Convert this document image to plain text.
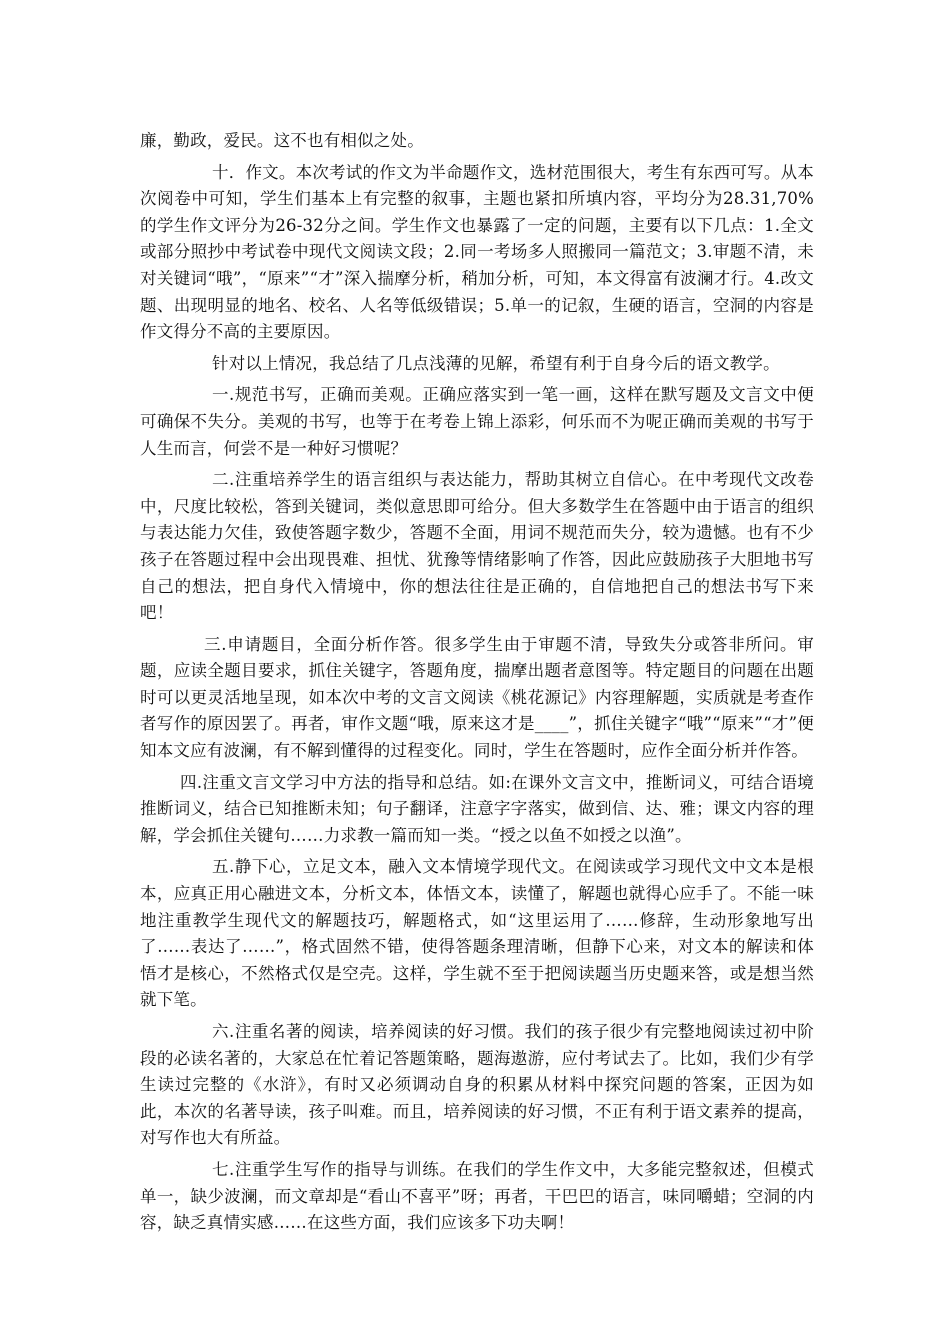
廉，勤政，爱民。这不也有相似之处。

十．作文。本次考试的作文为半命题作文，选材范围很大，考生有东西可写。从本次阅卷中可知，学生们基本上有完整的叙事，主题也紧扣所填内容，平均分为28.31,70%的学生作文评分为26-32分之间。学生作文也暴露了一定的问题，主要有以下几点：1.全文或部分照抄中考试卷中现代文阅读文段；2.同一考场多人照搬同一篇范文；3.审题不清，未对关键词“哦”，“原来”“才”深入揣摩分析，稍加分析，可知，本文得富有波澜才行。4.改文题、出现明显的地名、校名、人名等低级错误；5.单一的记叙，生硬的语言，空洞的内容是作文得分不高的主要原因。

针对以上情况，我总结了几点浅薄的见解，希望有利于自身今后的语文教学。

一.规范书写，正确而美观。正确应落实到一笔一画，这样在默写题及文言文中便可确保不失分。美观的书写，也等于在考卷上锦上添彩，何乐而不为呢正确而美观的书写于人生而言，何尝不是一种好习惯呢？

二.注重培养学生的语言组织与表达能力，帮助其树立自信心。在中考现代文改卷中，尺度比较松，答到关键词，类似意思即可给分。但大多数学生在答题中由于语言的组织与表达能力欠佳，致使答题字数少，答题不全面，用词不规范而失分，较为遗憾。也有不少孩子在答题过程中会出现畏难、担忧、犹豫等情绪影响了作答，因此应鼓励孩子大胆地书写自己的想法，把自身代入情境中，你的想法往往是正确的，自信地把自己的想法书写下来吧！

三.申请题目，全面分析作答。很多学生由于审题不清，导致失分或答非所问。审题，应读全题目要求，抓住关键字，答题角度，揣摩出题者意图等。特定题目的问题在出题时可以更灵活地呈现，如本次中考的文言文阅读《桃花源记》内容理解题，实质就是考查作者写作的原因罢了。再者，审作文题“哦，原来这才是____”，抓住关键字“哦”“原来”“才”便知本文应有波澜，有不解到懂得的过程变化。同时，学生在答题时，应作全面分析并作答。

四.注重文言文学习中方法的指导和总结。如:在课外文言文中，推断词义，可结合语境推断词义，结合已知推断未知；句子翻译，注意字字落实，做到信、达、雅；课文内容的理解，学会抓住关键句……力求教一篇而知一类。“授之以鱼不如授之以渔”。

五.静下心，立足文本，融入文本情境学现代文。在阅读或学习现代文中文本是根本，应真正用心融进文本，分析文本，体悟文本，读懂了，解题也就得心应手了。不能一味地注重教学生现代文的解题技巧，解题格式，如“这里运用了……修辞，生动形象地写出了……表达了……”，格式固然不错，使得答题条理清晰，但静下心来，对文本的解读和体悟才是核心，不然格式仅是空壳。这样，学生就不至于把阅读题当历史题来答，或是想当然就下笔。

六.注重名著的阅读，培养阅读的好习惯。我们的孩子很少有完整地阅读过初中阶段的必读名著的，大家总在忙着记答题策略，题海遨游，应付考试去了。比如，我们少有学生读过完整的《水浒》，有时又必须调动自身的积累从材料中探究问题的答案，正因为如此，本次的名著导读，孩子叫难。而且，培养阅读的好习惯，不正有利于语文素养的提高，对写作也大有所益。

七.注重学生写作的指导与训练。在我们的学生作文中，大多能完整叙述，但模式单一，缺少波澜，而文章却是“看山不喜平”呀；再者，干巴巴的语言，味同嚼蜡；空洞的内容，缺乏真情实感……在这些方面，我们应该多下功夫啊！
